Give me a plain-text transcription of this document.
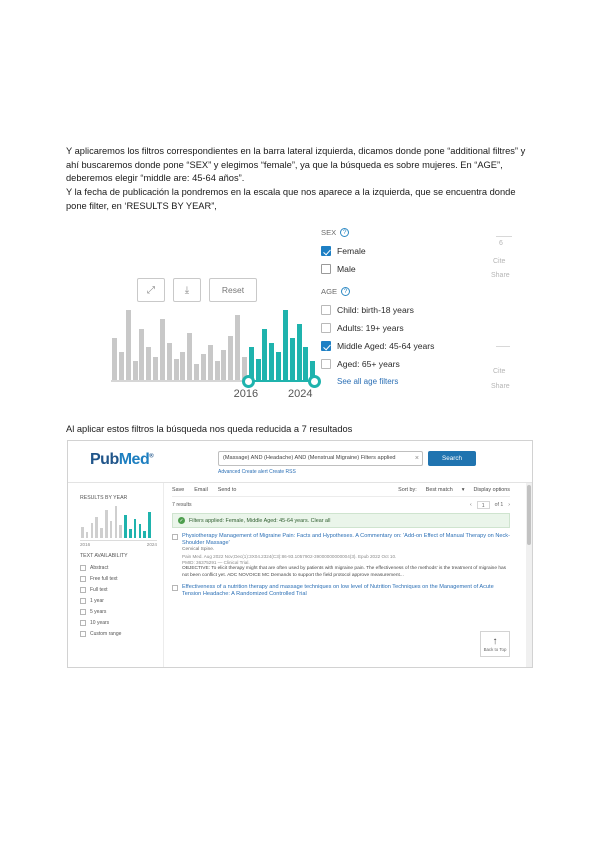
Y aplicaremos los filtros correspondientes en la barra lateral izquierda, dicamos donde pone “additional filtres” y ahí buscaremos donde pone “SEX” y elegimos “female”, ya que la búsqueda es sobre mujeres. En “AGE”, deberemos elegir “middle are: 45-64 años”.
Y la fecha de publicación la pondremos en la escala que nos aparece a la izquierda, que se encuentra donde pone filter, en ‘RESULTS BY YEAR”,
⤢	⤓	Reset
2016	2024
SEX	?
Female
Male
AGE	?
Child: birth-18 years
Adults: 19+ years
Middle Aged: 45-64 years
Aged: 65+ years
See all age filters
6
Cite
Share
Cite
Share
Al aplicar estos filtros la búsqueda nos queda reducida a 7 resultados
PubMed®	(Massage) AND (Headache) AND (Menstrual Migraine) Filters applied	×	Search
Advanced Create alert Create RSS
RESULTS BY YEAR
2016	2024
TEXT AVAILABILITY
Abstract
Free full text
Full text
1 year
5 years
10 years
Custom range
Save Email Send to	Sort by: Best match ▾ Display options
7 results	‹	1	of 1 ›
✓ Filters applied: Female, Middle Aged: 45-64 years. Clear all
Physiotherapy Management of Migraine Pain: Facts and Hypotheses. A Commentary on: 'Add-on Effect of Manual Therapy on Neck-Shoulder Massage'
Cervical Spine.
Pain Med. Aug 2022 Nov;Dec(1):3X04.2324(C3):86-93.1057902-39000000000004(3). Epub 2022 Oct 10.
PMID: 36375291 — Clinical Trial.
OBJECTIVE: To elicit therapy might that are often used by patients with migraine pain. The effectiveness of the methods' is the treatment of migraine has not been conflict yet. ADC NOVOICE MC Demands to support the field protocol approve measurement...
Effectiveness of a nutrition therapy and massage techniques on low level of Nutrition Techniques on the Management of Acute Tension Headache: A Randomized Controlled Trial
↑
Back to Top
